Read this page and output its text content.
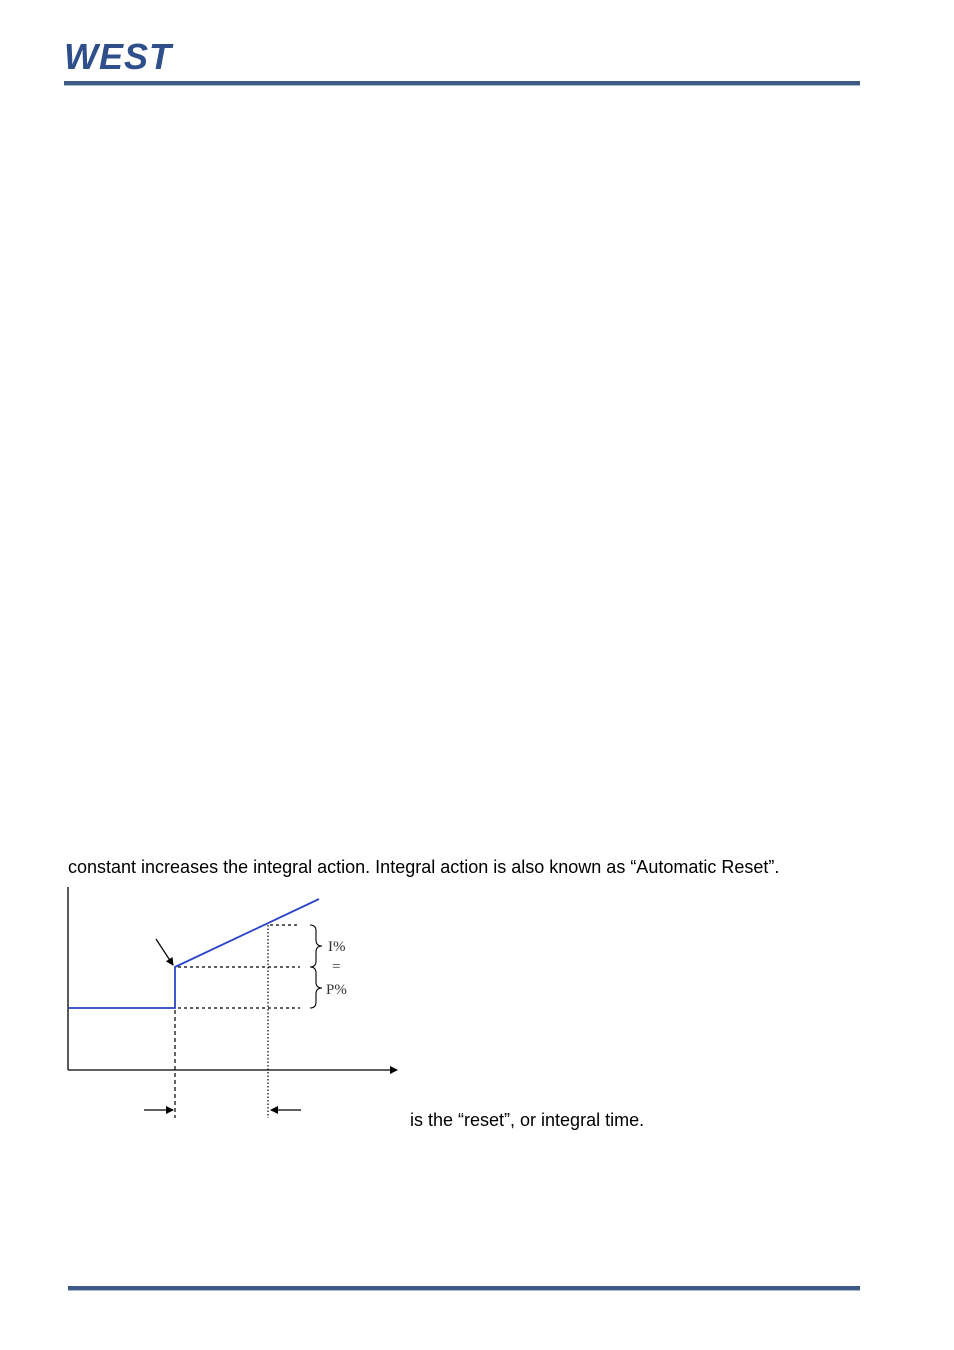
WEST
constant increases the integral action. Integral action is also known as “Automatic Reset”.
I%
=
P%
is the “reset”, or integral time.
